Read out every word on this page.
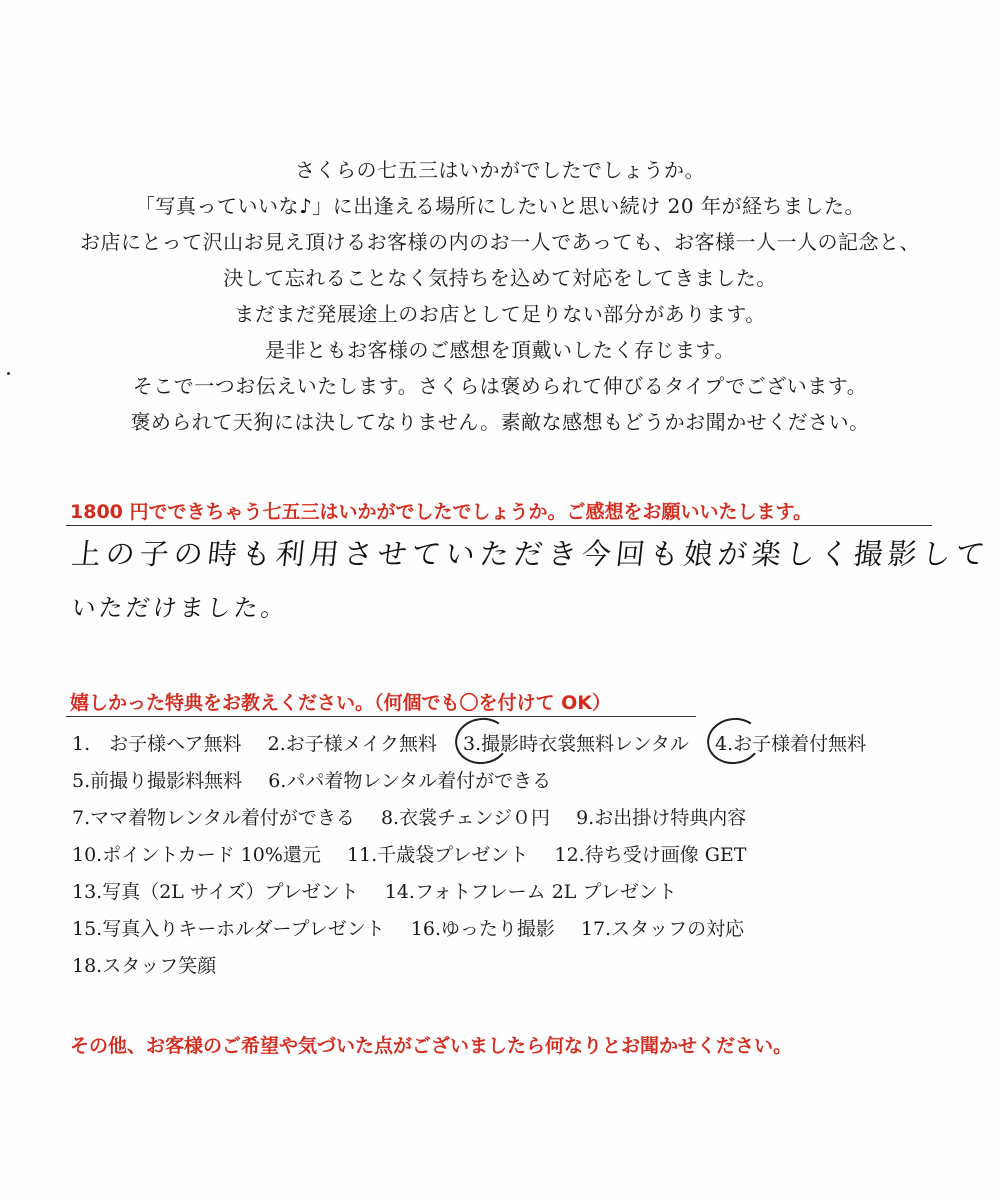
さくらの七五三はいかがでしたでしょうか。
「写真っていいな♪」に出逢える場所にしたいと思い続け 20 年が経ちました。
お店にとって沢山お見え頂けるお客様の内のお一人であっても、お客様一人一人の記念と、
決して忘れることなく気持ちを込めて対応をしてきました。
まだまだ発展途上のお店として足りない部分があります。
是非ともお客様のご感想を頂戴いしたく存じます。
そこで一つお伝えいたします。さくらは褒められて伸びるタイプでございます。
褒められて天狗には決してなりません。素敵な感想もどうかお聞かせください。
1800 円でできちゃう七五三はいかがでしたでしょうか。ご感想をお願いいたします。
上の子の時も利用させていただき今回も娘が楽しく撮影して
いただけました。
嬉しかった特典をお教えください。（何個でも〇を付けて OK）
1.　お子様ヘア無料 2.お子様メイク無料 3.撮影時衣裳無料レンタル 4.お子様着付無料
5.前撮り撮影料無料 6.パパ着物レンタル着付ができる
7.ママ着物レンタル着付ができる 8.衣裳チェンジ０円 9.お出掛け特典内容
10.ポイントカード 10%還元 11.千歳袋プレゼント 12.待ち受け画像 GET
13.写真（2L サイズ）プレゼント 14.フォトフレーム 2L プレゼント
15.写真入りキーホルダープレゼント 16.ゆったり撮影 17.スタッフの対応
18.スタッフ笑顔
その他、お客様のご希望や気づいた点がございましたら何なりとお聞かせください。
